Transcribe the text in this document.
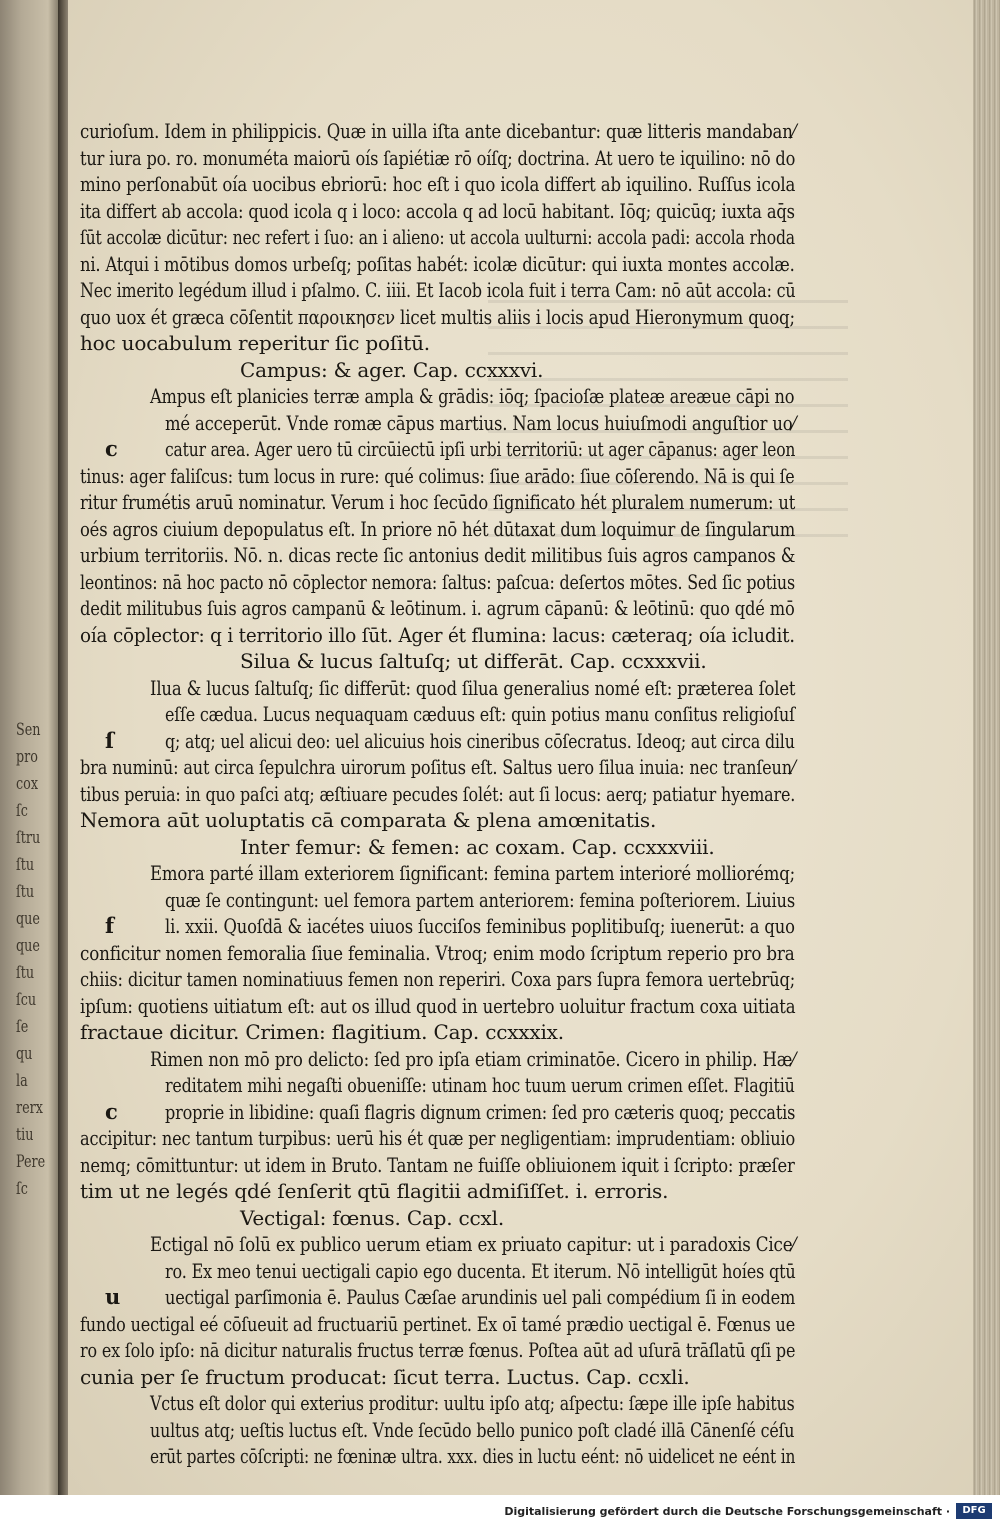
Sen
pro
cox
ſc
ſtru
ſtu
ſtu
que
que
ſtu
ſcu
ſe
qu
la
rerx
tiu
Pere
ſc
curioſum. Idem in philippicis. Quæ in uilla iſta ante dicebantur: quæ litteris mandaban⁄
tur iura po. ro. monuméta maiorū oís ſapiétiæ rō oíſq; doctrina. At uero te iquilino: nō do
mino perſonabūt oía uocibus ebriorū: hoc eſt i quo icola differt ab iquilino. Ruſſus icola
ita differt ab accola: quod icola q i loco: accola q ad locū habitant. Iōq; quicūq; iuxta aq̄s
ſūt accolæ dicūtur: nec refert i ſuo: an i alieno: ut accola uulturni: accola padi: accola rhoda
ni. Atqui i mōtibus domos urbeſq; poſitas habét: icolæ dicūtur: qui iuxta montes accolæ.
Nec imerito legédum illud i pſalmo. C. iiii. Et Iacob icola fuit i terra Cam: nō aūt accola: cū
quo uox ét græca cōſentit παροικησεν licet multis aliis i locis apud Hieronymum quoq;
hoc uocabulum reperitur ſic poſitū.
Campus: & ager. Cap. ccxxxvi.
Ampus eſt planicies terræ ampla & grādis: iōq; ſpacioſæ plateæ areæue cāpi no
mé acceperūt. Vnde romæ cāpus martius. Nam locus huiuſmodi anguſtior uo⁄
c catur area. Ager uero tū circūiectū ipſi urbi territoriū: ut ager cāpanus: ager leon
tinus: ager faliſcus: tum locus in rure: qué colimus: ſiue arādo: ſiue cōſerendo. Nā is qui ſe
ritur frumétis aruū nominatur. Verum i hoc ſecūdo ſignificato hét pluralem numerum: ut
oés agros ciuium depopulatus eſt. In priore nō hét dūtaxat dum loquimur de ſingularum
urbium territoriis. Nō. n. dicas recte ſic antonius dedit militibus ſuis agros campanos &
leontinos: nā hoc pacto nō cōplector nemora: ſaltus: paſcua: deſertos mōtes. Sed ſic potius
dedit militubus ſuis agros campanū & leōtinum. i. agrum cāpanū: & leōtinū: quo qdé mō
oía cōplector: q i territorio illo ſūt. Ager ét flumina: lacus: cæteraq; oía icludit.
Silua & lucus ſaltuſq; ut differāt. Cap. ccxxxvii.
Ilua & lucus ſaltuſq; ſic differūt: quod ſilua generalius nomé eſt: præterea ſolet
eſſe cædua. Lucus nequaquam cæduus eſt: quin potius manu conſitus religioſuſ
ſ	q; atq; uel alicui deo: uel alicuius hois cineribus cōſecratus. Ideoq; aut circa dilu
bra numinū: aut circa ſepulchra uirorum poſitus eſt. Saltus uero ſilua inuia: nec tranſeun⁄
tibus peruia: in quo paſci atq; æſtiuare pecudes ſolét: aut ſi locus: aerq; patiatur hyemare.
Nemora aūt uoluptatis cā comparata & plena amœnitatis.
Inter femur: & femen: ac coxam. Cap. ccxxxviii.
Emora parté illam exteriorem ſignificant: femina partem interioré molliorémq;
quæ ſe contingunt: uel femora partem anteriorem: femina poſteriorem. Liuius
f	li. xxii. Quoſdā & iacétes uiuos ſucciſos feminibus poplitibuſq; iuenerūt: a quo
conficitur nomen femoralia ſiue feminalia. Vtroq; enim modo ſcriptum reperio pro bra
chiis: dicitur tamen nominatiuus femen non reperiri. Coxa pars ſupra femora uertebrūq;
ipſum: quotiens uitiatum eſt: aut os illud quod in uertebro uoluitur fractum coxa uitiata
fractaue dicitur. Crimen: flagitium. Cap. ccxxxix.
Rimen non mō pro delicto: ſed pro ipſa etiam criminatōe. Cicero in philip. Hæ⁄
reditatem mihi negaſti obueniſſe: utinam hoc tuum uerum crimen eſſet. Flagitiū
c proprie in libidine: quaſi flagris dignum crimen: ſed pro cæteris quoq; peccatis
accipitur: nec tantum turpibus: uerū his ét quæ per negligentiam: imprudentiam: obliuio
nemq; cōmittuntur: ut idem in Bruto. Tantam ne fuiſſe obliuionem iquit i ſcripto: præſer
tim ut ne legés qdé ſenſerit qtū flagitii admiſiſſet. i. erroris.
Vectigal: fœnus. Cap. ccxl.
Ectigal nō ſolū ex publico uerum etiam ex priuato capitur: ut i paradoxis Cice⁄
ro. Ex meo tenui uectigali capio ego ducenta. Et iterum. Nō intelligūt hoíes qtū
u uectigal parſimonia ē. Paulus Cæſae arundinis uel pali compédium ſi in eodem
fundo uectigal eé cōſueuit ad fructuariū pertinet. Ex oī tamé prædio uectigal ē. Fœnus ue
ro ex ſolo ipſo: nā dicitur naturalis fructus terræ fœnus. Poſtea aūt ad uſurā trāſlatū qſi pe
cunia per ſe fructum producat: ſicut terra. Luctus. Cap. ccxli.
Vctus eſt dolor qui exterius proditur: uultu ipſo atq; aſpectu: ſæpe ille ipſe habitus
uultus atq; ueſtis luctus eſt. Vnde ſecūdo bello punico poſt cladé illā Cānenſé céſu
erūt partes cōſcripti: ne fœninæ ultra. xxx. dies in luctu eént: nō uidelicet ne eént in
Digitalisierung gefördert durch die Deutsche Forschungsgemeinschaft ·	DFG
